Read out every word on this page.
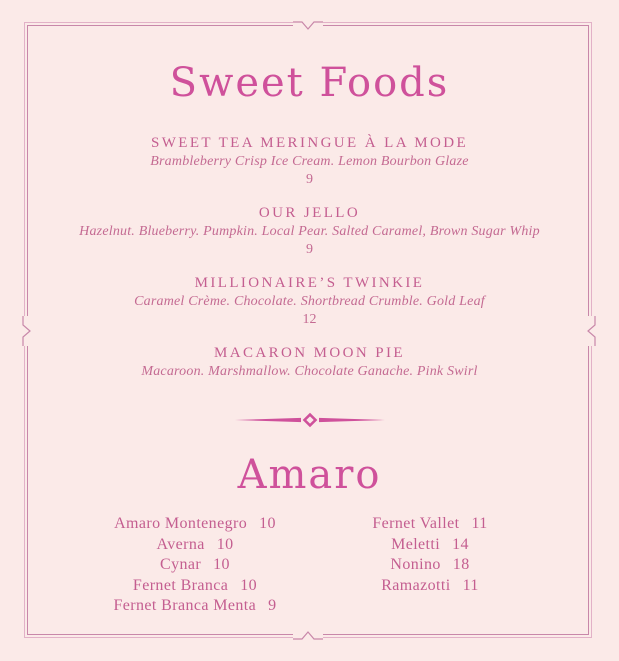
Sweet Foods
SWEET TEA MERINGUE À LA MODE
Brambleberry Crisp Ice Cream. Lemon Bourbon Glaze
9
OUR JELLO
Hazelnut. Blueberry. Pumpkin. Local Pear. Salted Caramel, Brown Sugar Whip
9
MILLIONAIRE’S TWINKIE
Caramel Crème. Chocolate. Shortbread Crumble. Gold Leaf
12
MACARON MOON PIE
Macaroon. Marshmallow. Chocolate Ganache. Pink Swirl
Amaro
Amaro Montenegro 10
Averna 10
Cynar 10
Fernet Branca 10
Fernet Branca Menta 9
Fernet Vallet 11
Meletti 14
Nonino 18
Ramazotti 11
